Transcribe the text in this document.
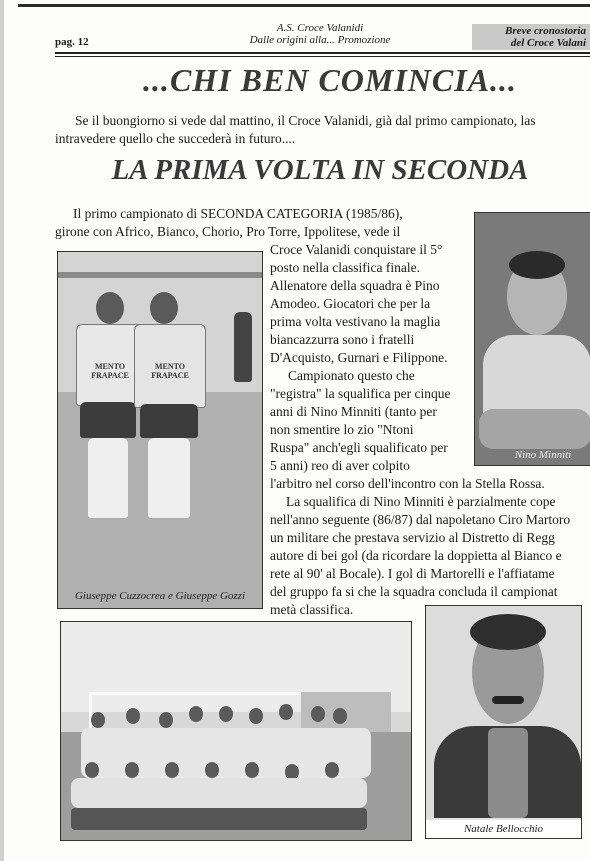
pag. 12
A.S. Croce Valanidi
Dalle origini alla... Promozione
Breve cronostoria
del Croce Valani
...CHI BEN COMINCIA...
Se il buongiorno si vede dal mattino, il Croce Valanidi, già dal primo campionato, las
intravedere quello che succederà in futuro....
LA PRIMA VOLTA IN SECONDA
Il primo campionato di SECONDA CATEGORIA (1985/86),
girone con Africo, Bianco, Chorio, Pro Torre, Ippolitese, vede il
Croce Valanidi conquistare il 5°
posto nella classifica finale.
Allenatore della squadra è Pino
Amodeo. Giocatori che per la
prima volta vestivano la maglia
biancazzurra sono i fratelli
D'Acquisto, Gurnari e Filippone.
Campionato questo che
"registra" la squalifica per cinque
anni di Nino Minniti (tanto per
non smentire lo zio "Ntoni
Ruspa" anch'egli squalificato per
5 anni) reo di aver colpito
l'arbitro nel corso dell'incontro con la Stella Rossa.
La squalifica di Nino Minniti è parzialmente cope
nell'anno seguente (86/87) dal napoletano Ciro Martoro
un militare che prestava servizio al Distretto di Regg
autore di bei gol (da ricordare la doppietta al Bianco e
rete al 90' al Bocale). I gol di Martorelli e l'affiatame
del gruppo fa si che la squadra concluda il campionat
metà classifica.
MENTO FRAPACE
MENTO FRAPACE
Giuseppe Cuzzocrea e Giuseppe Gozzi
Nino Minniti
Natale Bellocchio
